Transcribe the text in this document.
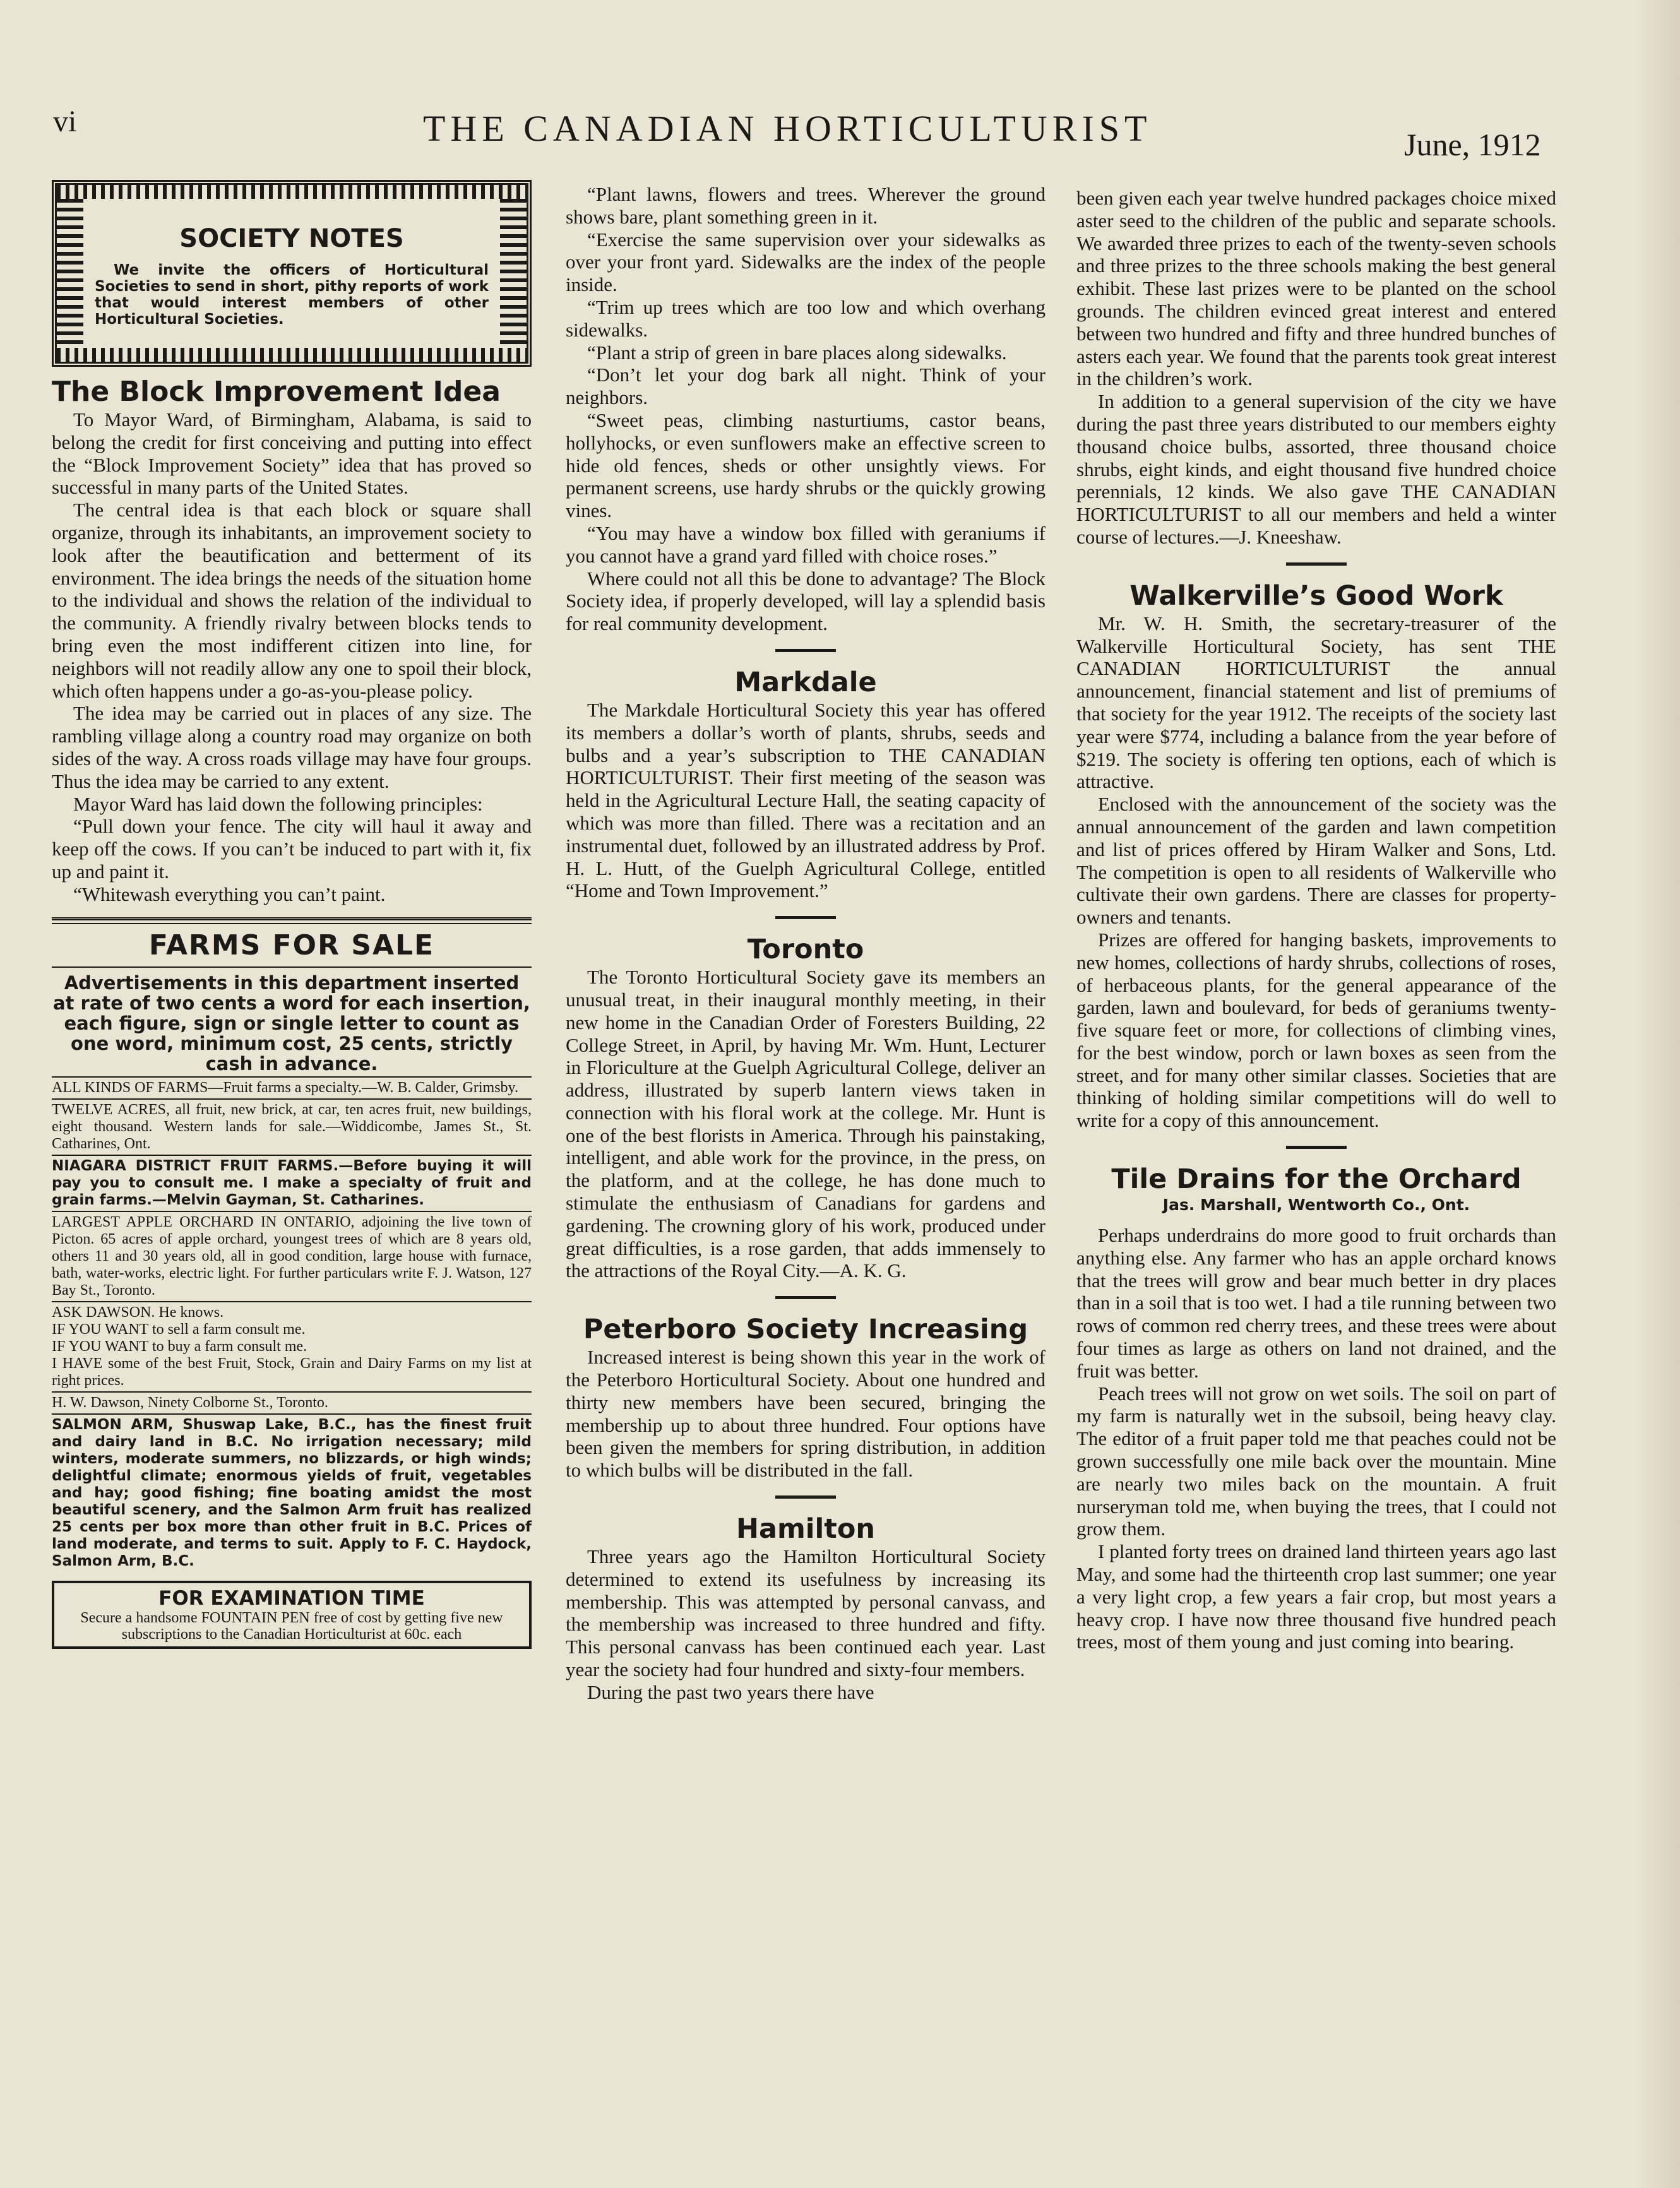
vi	THE CANADIAN HORTICULTURIST	June, 1912
SOCIETY NOTES
We invite the officers of Horticultural Societies to send in short, pithy reports of work that would interest members of other Horticultural Societies.
The Block Improvement Idea

To Mayor Ward, of Birmingham, Alabama, is said to belong the credit for first conceiving and putting into effect the “Block Improvement Society” idea that has proved so successful in many parts of the United States.

The central idea is that each block or square shall organize, through its inhabitants, an improvement society to look after the beautification and betterment of its environment. The idea brings the needs of the situation home to the individual and shows the relation of the individual to the community. A friendly rivalry between blocks tends to bring even the most indifferent citizen into line, for neighbors will not readily allow any one to spoil their block, which often happens under a go-as-you-please policy.

The idea may be carried out in places of any size. The rambling village along a country road may organize on both sides of the way. A cross roads village may have four groups. Thus the idea may be carried to any extent.

Mayor Ward has laid down the following principles:

“Pull down your fence. The city will haul it away and keep off the cows. If you can’t be induced to part with it, fix up and paint it.

“Whitewash everything you can’t paint.

FARMS FOR SALE
Advertisements in this department inserted at rate of two cents a word for each insertion, each figure, sign or single letter to count as one word, minimum cost, 25 cents, strictly cash in advance.
ALL KINDS OF FARMS—Fruit farms a specialty.—W. B. Calder, Grimsby.
TWELVE ACRES, all fruit, new brick, at car, ten acres fruit, new buildings, eight thousand. Western lands for sale.—Widdicombe, James St., St. Catharines, Ont.
NIAGARA DISTRICT FRUIT FARMS.—Before buying it will pay you to consult me. I make a specialty of fruit and grain farms.—Melvin Gayman, St. Catharines.
LARGEST APPLE ORCHARD IN ONTARIO, adjoining the live town of Picton. 65 acres of apple orchard, youngest trees of which are 8 years old, others 11 and 30 years old, all in good condition, large house with furnace, bath, water-works, electric light. For further particulars write F. J. Watson, 127 Bay St., Toronto.
ASK DAWSON. He knows.
IF YOU WANT to sell a farm consult me.
IF YOU WANT to buy a farm consult me.
I HAVE some of the best Fruit, Stock, Grain and Dairy Farms on my list at right prices.
H. W. Dawson, Ninety Colborne St., Toronto.
SALMON ARM, Shuswap Lake, B.C., has the finest fruit and dairy land in B.C. No irrigation necessary; mild winters, moderate summers, no blizzards, or high winds; delightful climate; enormous yields of fruit, vegetables and hay; good fishing; fine boating amidst the most beautiful scenery, and the Salmon Arm fruit has realized 25 cents per box more than other fruit in B.C. Prices of land moderate, and terms to suit. Apply to F. C. Haydock, Salmon Arm, B.C.
FOR EXAMINATION TIME
Secure a handsome FOUNTAIN PEN free of cost by getting five new subscriptions to the Canadian Horticulturist at 60c. each

“Plant lawns, flowers and trees. Wherever the ground shows bare, plant something green in it.

“Exercise the same supervision over your sidewalks as over your front yard. Sidewalks are the index of the people inside.

“Trim up trees which are too low and which overhang sidewalks.

“Plant a strip of green in bare places along sidewalks.

“Don’t let your dog bark all night. Think of your neighbors.

“Sweet peas, climbing nasturtiums, castor beans, hollyhocks, or even sunflowers make an effective screen to hide old fences, sheds or other unsightly views. For permanent screens, use hardy shrubs or the quickly growing vines.

“You may have a window box filled with geraniums if you cannot have a grand yard filled with choice roses.”

Where could not all this be done to advantage? The Block Society idea, if properly developed, will lay a splendid basis for real community development.

Markdale

The Markdale Horticultural Society this year has offered its members a dollar’s worth of plants, shrubs, seeds and bulbs and a year’s subscription to THE CANADIAN HORTICULTURIST. Their first meeting of the season was held in the Agricultural Lecture Hall, the seating capacity of which was more than filled. There was a recitation and an instrumental duet, followed by an illustrated address by Prof. H. L. Hutt, of the Guelph Agricultural College, entitled “Home and Town Improvement.”

Toronto

The Toronto Horticultural Society gave its members an unusual treat, in their inaugural monthly meeting, in their new home in the Canadian Order of Foresters Building, 22 College Street, in April, by having Mr. Wm. Hunt, Lecturer in Floriculture at the Guelph Agricultural College, deliver an address, illustrated by superb lantern views taken in connection with his floral work at the college. Mr. Hunt is one of the best florists in America. Through his painstaking, intelligent, and able work for the province, in the press, on the platform, and at the college, he has done much to stimulate the enthusiasm of Canadians for gardens and gardening. The crowning glory of his work, produced under great difficulties, is a rose garden, that adds immensely to the attractions of the Royal City.—A. K. G.

Peterboro Society Increasing

Increased interest is being shown this year in the work of the Peterboro Horticultural Society. About one hundred and thirty new members have been secured, bringing the membership up to about three hundred. Four options have been given the members for spring distribution, in addition to which bulbs will be distributed in the fall.

Hamilton

Three years ago the Hamilton Horticultural Society determined to extend its usefulness by increasing its membership. This was attempted by personal canvass, and the membership was increased to three hundred and fifty. This personal canvass has been continued each year. Last year the society had four hundred and sixty-four members.

During the past two years there have

been given each year twelve hundred packages choice mixed aster seed to the children of the public and separate schools. We awarded three prizes to each of the twenty-seven schools and three prizes to the three schools making the best general exhibit. These last prizes were to be planted on the school grounds. The children evinced great interest and entered between two hundred and fifty and three hundred bunches of asters each year. We found that the parents took great interest in the children’s work.

In addition to a general supervision of the city we have during the past three years distributed to our members eighty thousand choice bulbs, assorted, three thousand choice shrubs, eight kinds, and eight thousand five hundred choice perennials, 12 kinds. We also gave THE CANADIAN HORTICULTURIST to all our members and held a winter course of lectures.—J. Kneeshaw.

Walkerville’s Good Work

Mr. W. H. Smith, the secretary-treasurer of the Walkerville Horticultural Society, has sent THE CANADIAN HORTICULTURIST the annual announcement, financial statement and list of premiums of that society for the year 1912. The receipts of the society last year were $774, including a balance from the year before of $219. The society is offering ten options, each of which is attractive.

Enclosed with the announcement of the society was the annual announcement of the garden and lawn competition and list of prices offered by Hiram Walker and Sons, Ltd. The competition is open to all residents of Walkerville who cultivate their own gardens. There are classes for property-owners and tenants.

Prizes are offered for hanging baskets, improvements to new homes, collections of hardy shrubs, collections of roses, of herbaceous plants, for the general appearance of the garden, lawn and boulevard, for beds of geraniums twenty-five square feet or more, for collections of climbing vines, for the best window, porch or lawn boxes as seen from the street, and for many other similar classes. Societies that are thinking of holding similar competitions will do well to write for a copy of this announcement.

Tile Drains for the Orchard
Jas. Marshall, Wentworth Co., Ont.

Perhaps underdrains do more good to fruit orchards than anything else. Any farmer who has an apple orchard knows that the trees will grow and bear much better in dry places than in a soil that is too wet. I had a tile running between two rows of common red cherry trees, and these trees were about four times as large as others on land not drained, and the fruit was better.

Peach trees will not grow on wet soils. The soil on part of my farm is naturally wet in the subsoil, being heavy clay. The editor of a fruit paper told me that peaches could not be grown successfully one mile back over the mountain. Mine are nearly two miles back on the mountain. A fruit nurseryman told me, when buying the trees, that I could not grow them.

I planted forty trees on drained land thirteen years ago last May, and some had the thirteenth crop last summer; one year a very light crop, a few years a fair crop, but most years a heavy crop. I have now three thousand five hundred peach trees, most of them young and just coming into bearing.
